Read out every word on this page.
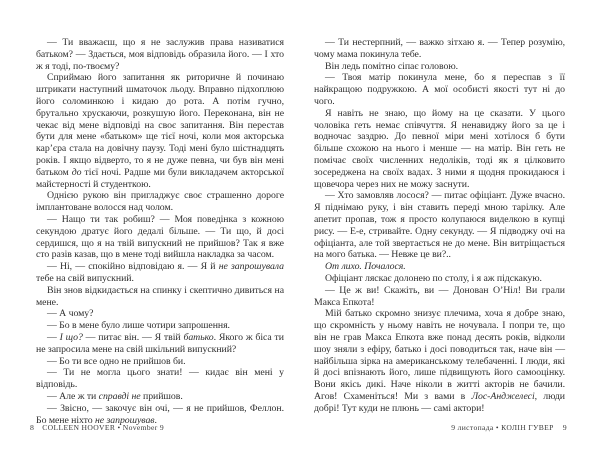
— Ти вважаєш, що я не заслужив права називатися батьком? — Здається, моя відповідь образила його. — І хто ж я тоді, по-твоєму?

Сприймаю його запитання як риторичне й починаю штрикати наступний шматочок льоду. Вправно підхоплюю його соломинкою і кидаю до рота. А потім гучно, брутально хрускаючи, розкушую його. Переконана, він не чекає від мене відповіді на своє запитання. Він перестав бути для мене «батьком» ще тієї ночі, коли моя акторська кар’єра стала на довічну паузу. Тоді мені було шістнадцять років. І якщо відверто, то я не дуже певна, чи був він мені батьком до тієї ночі. Радше ми були викладачем акторської майстерності й студенткою.

Однією рукою він пригладжує своє страшенно дороге імплантоване волосся над чолом.

— Нащо ти так робиш? — Моя поведінка з кожною секундою дратує його дедалі більше. — Ти що, й досі сердишся, що я на твій випускний не прийшов? Так я вже сто разів казав, що в мене тоді вийшла накладка за часом.

— Ні, — спокійно відповідаю я. — Я й не запрошувала тебе на свій випускний.

Він знов відкидається на спинку і скептично дивиться на мене.

— А чому?

— Бо в мене було лише чотири запрошення.

— І що? — питає він. — Я твій батько. Якого ж біса ти не запросила мене на свій шкільний випускний?

— Бо ти все одно не прийшов би.

— Ти не могла цього знати! — кидає він мені у відповідь.

— Але ж ти справді не прийшов.

— Звісно, — закочує він очі, — я не прийшов, Феллон. Бо мене ніхто не запрошував.

— Ти нестерпний, — важко зітхаю я. — Тепер розумію, чому мама покинула тебе.

Він ледь помітно сіпає головою.

— Твоя матір покинула мене, бо я переспав з її найкращою подружкою. А мої особисті якості тут ні до чого.

Я навіть не знаю, що йому на це сказати. У цього чоловіка геть немає співчуття. Я ненавиджу його за це і водночас заздрю. До певної міри мені хотілося б бути більше схожою на нього і менше — на матір. Він геть не помічає своїх численних недоліків, тоді як я цілковито зосереджена на своїх вадах. З ними я щодня прокидаюся і щовечора через них не можу заснути.

— Хто замовляв лосося? — питає офіціант. Дуже вчасно. Я піднімаю руку, і він ставить переді мною тарілку. Але апетит пропав, тож я просто колупаюся виделкою в купці рису. — Е-е, стривайте. Одну секунду. — Я підводжу очі на офіціанта, але той звертається не до мене. Він витріщається на мого батька. — Невже це ви?..

От лихо. Почалося.

Офіціант ляскає долонею по столу, і я аж підскакую.

— Це ж ви! Скажіть, ви — Донован О’Ніл! Ви грали Макса Епкота!

Мій батько скромно знизує плечима, хоча я добре знаю, що скромність у ньому навіть не ночувала. І попри те, що він не грав Макса Епкота вже понад десять років, відколи шоу зняли з ефіру, батько і досі поводиться так, наче він — найбільша зірка на американському телебаченні. І люди, які й досі впізнають його, лише підвищують його самооцінку. Вони якісь дикі. Наче ніколи в житті акторів не бачили. Агов! Схаменіться! Ми з вами в Лос-Анджелесі, люди добрі! Тут куди не плюнь — самі актори!

8 COLLEEN HOOVER • November 9	9 листопада • КОЛІН ГУВЕР 9
